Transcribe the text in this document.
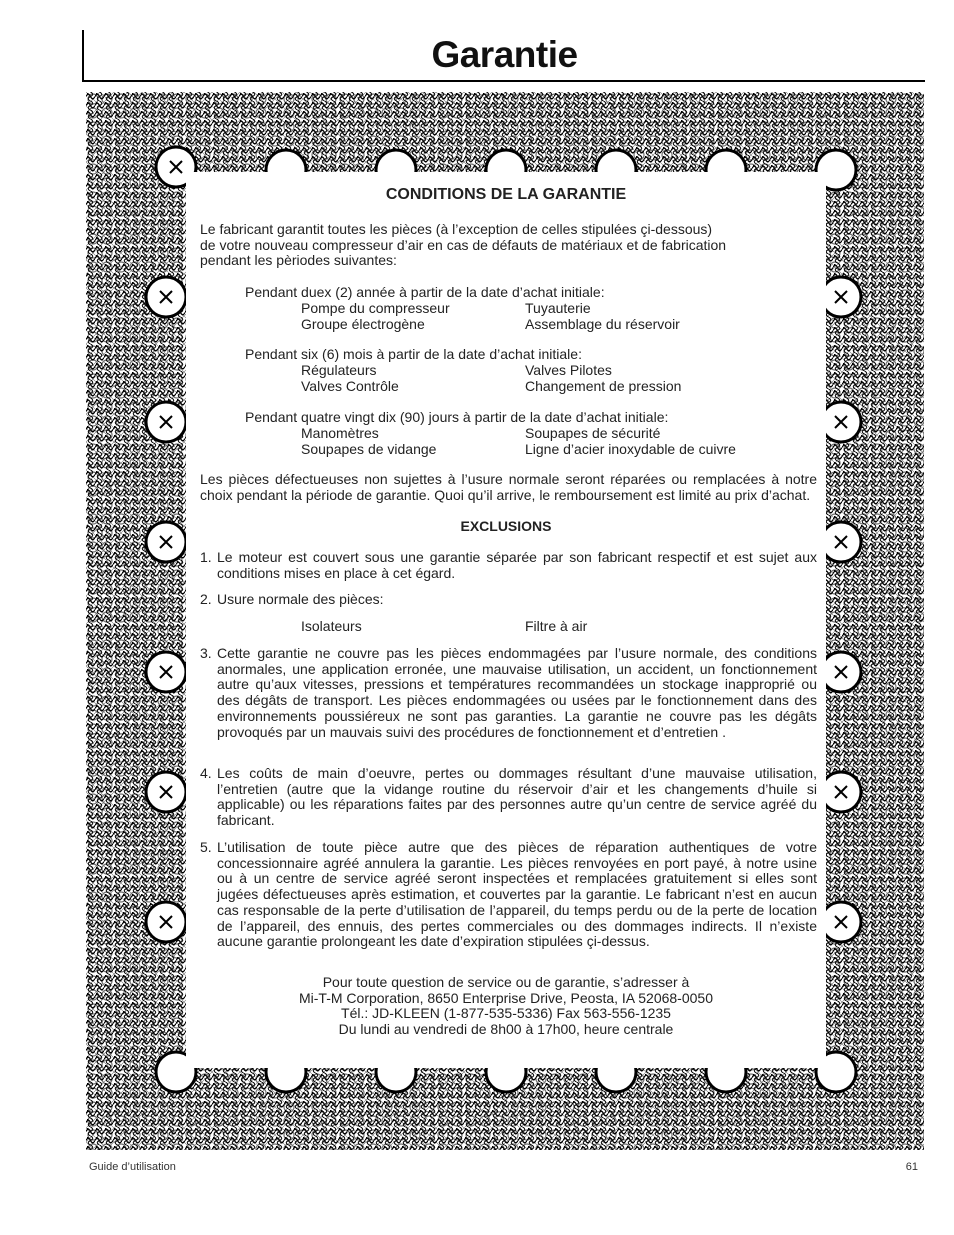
Garantie
CONDITIONS DE LA GARANTIE
Le fabricant garantit toutes les pièces (à l’exception de celles stipulées çi-dessous)
de votre nouveau compresseur d’air en cas de défauts de matériaux et de fabrication
pendant les pèriodes suivantes:
Pendant duex (2) année à partir de la date d’achat initiale:
Pompe du compresseur	Tuyauterie
Groupe électrogène	Assemblage du réservoir
Pendant six (6) mois à partir de la date d’achat initiale:
Régulateurs	Valves Pilotes
Valves Contrôle	Changement de pression
Pendant quatre vingt dix (90) jours à partir de la date d’achat initiale:
Manomètres	Soupapes de sécurité
Soupapes de vidange	Ligne d’acier inoxydable de cuivre
Les pièces défectueuses non sujettes à l’usure normale seront réparées ou remplacées à notre choix pendant la période de garantie. Quoi qu’il arrive, le remboursement est limité au prix d’achat.
EXCLUSIONS
1. Le moteur est couvert sous une garantie séparée par son fabricant respectif et est sujet aux conditions mises en place à cet égard.
2. Usure normale des pièces:
Isolateurs	Filtre à air
3. Cette garantie ne couvre pas les pièces endommagées par l’usure normale, des conditions anormales, une application erronée, une mauvaise utilisation, un accident, un fonctionnement autre qu’aux vitesses, pressions et températures recommandées un stockage inapproprié ou des dégâts de transport. Les pièces endommagées ou usées par le fonctionnement dans des environnements poussiéreux ne sont pas garanties. La garantie ne couvre pas les dégâts provoqués par un mauvais suivi des procédures de fonctionnement et d’entretien .
4. Les coûts de main d’oeuvre, pertes ou dommages résultant d’une mauvaise utilisation, l’entretien (autre que la vidange routine du réservoir d’air et les changements d’huile si applicable) ou les réparations faites par des personnes autre qu’un centre de service agréé du fabricant.
5. L’utilisation de toute pièce autre que des pièces de réparation authentiques de votre concessionnaire agréé annulera la garantie. Les pièces renvoyées en port payé, à notre usine ou à un centre de service agréé seront inspectées et remplacées gratuitement si elles sont jugées défectueuses après estimation, et couvertes par la garantie. Le fabricant n’est en aucun cas responsable de la perte d’utilisation de l’appareil, du temps perdu ou de la perte de location de l’appareil, des ennuis, des pertes commerciales ou des dommages indirects. Il n’existe aucune garantie prolongeant les date d’expiration stipulées çi-dessus.
Pour toute question de service ou de garantie, s’adresser à
Mi-T-M Corporation, 8650 Enterprise Drive, Peosta, IA 52068-0050
Tél.: JD-KLEEN (1-877-535-5336) Fax 563-556-1235
Du lundi au vendredi de 8h00 à 17h00, heure centrale
Guide d’utilisation	61
